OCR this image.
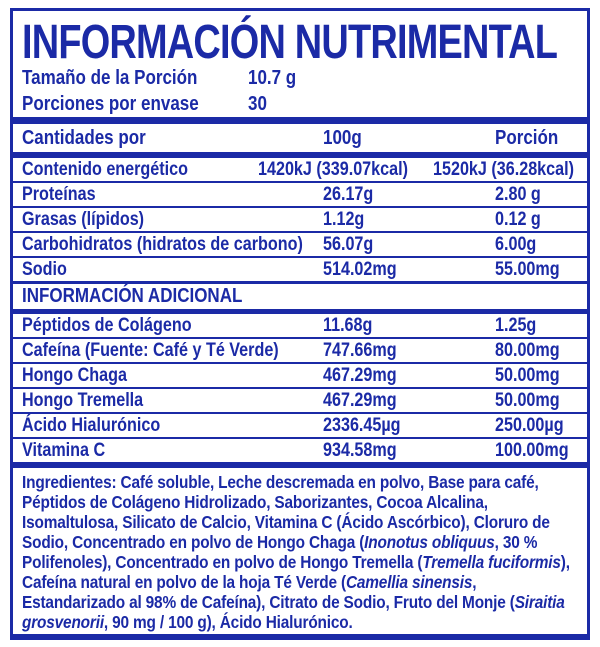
INFORMACIÓN NUTRIMENTAL
Tamaño de la Porción	10.7 g
Porciones por envase	30
Cantidades por	100g	Porción
Contenido energético	1420kJ (339.07kcal)	1520kJ (36.28kcal)
Proteínas	26.17g	2.80 g
Grasas (lípidos)	1.12g	0.12 g
Carbohidratos (hidratos de carbono)	56.07g	6.00g
Sodio	514.02mg	55.00mg
INFORMACIÓN ADICIONAL
Péptidos de Colágeno	11.68g	1.25g
Cafeína (Fuente: Café y Té Verde)	747.66mg	80.00mg
Hongo Chaga	467.29mg	50.00mg
Hongo Tremella	467.29mg	50.00mg
Ácido Hialurónico	2336.45µg	250.00µg
Vitamina C	934.58mg	100.00mg
Ingredientes: Café soluble, Leche descremada en polvo, Base para café, Péptidos de Colágeno Hidrolizado, Saborizantes, Cocoa Alcalina, Isomaltulosa, Silicato de Calcio, Vitamina C (Ácido Ascórbico), Cloruro de Sodio, Concentrado en polvo de Hongo Chaga (Inonotus obliquus, 30 % Polifenoles), Concentrado en polvo de Hongo Tremella (Tremella fuciformis), Cafeína natural en polvo de la hoja Té Verde (Camellia sinensis, Estandarizado al 98% de Cafeína), Citrato de Sodio, Fruto del Monje (Siraitia grosvenorii, 90 mg / 100 g), Ácido Hialurónico.
